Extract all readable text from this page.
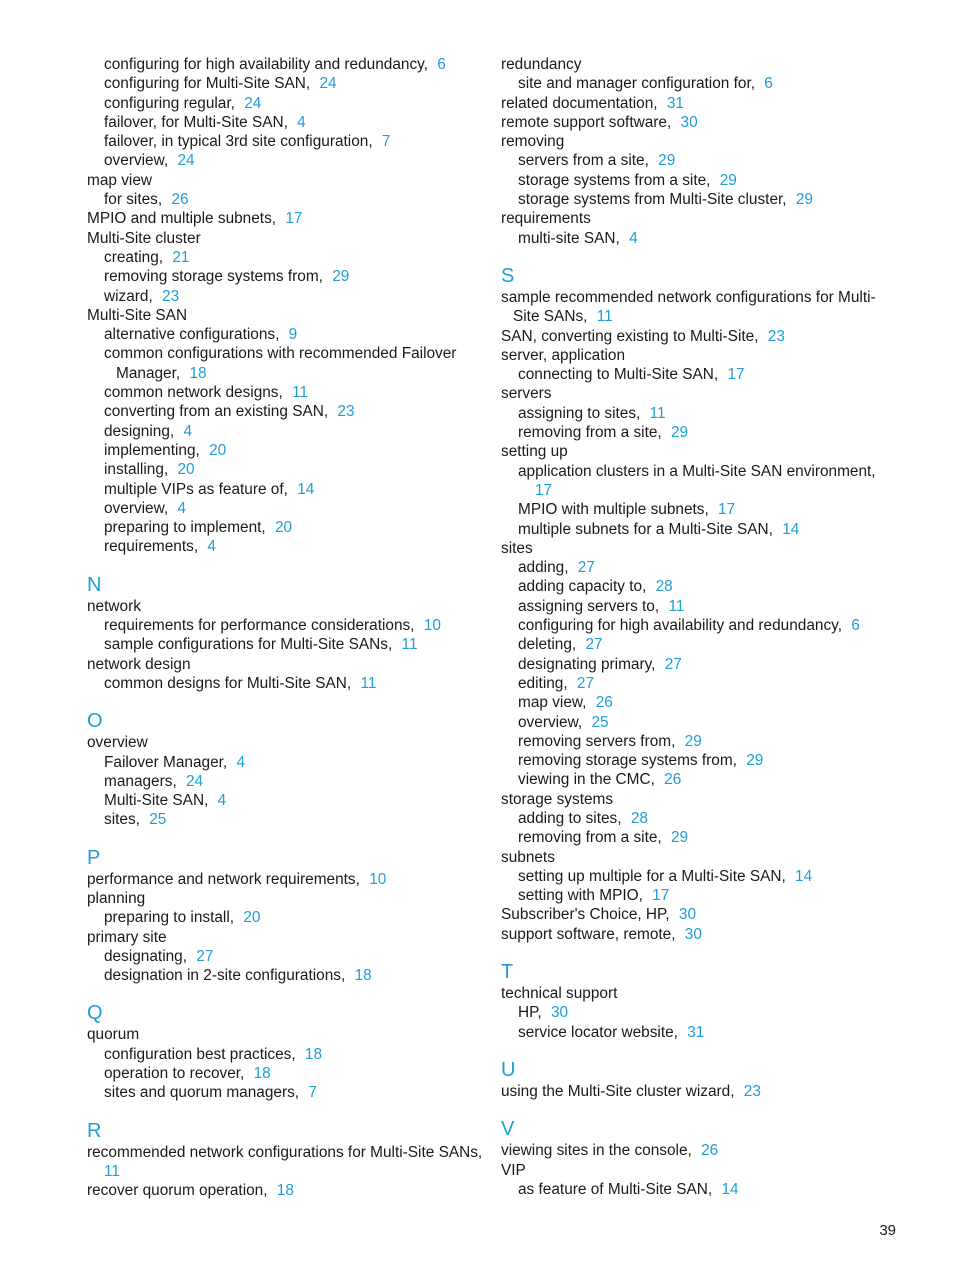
configuring for high availability and redundancy, 6
configuring for Multi-Site SAN, 24
configuring regular, 24
failover, for Multi-Site SAN, 4
failover, in typical 3rd site configuration, 7
overview, 24
map view
for sites, 26
MPIO and multiple subnets, 17
Multi-Site cluster
creating, 21
removing storage systems from, 29
wizard, 23
Multi-Site SAN
alternative configurations, 9
common configurations with recommended Failover Manager, 18
common network designs, 11
converting from an existing SAN, 23
designing, 4
implementing, 20
installing, 20
multiple VIPs as feature of, 14
overview, 4
preparing to implement, 20
requirements, 4
N
network
requirements for performance considerations, 10
sample configurations for Multi-Site SANs, 11
network design
common designs for Multi-Site SAN, 11
O
overview
Failover Manager, 4
managers, 24
Multi-Site SAN, 4
sites, 25
P
performance and network requirements, 10
planning
preparing to install, 20
primary site
designating, 27
designation in 2-site configurations, 18
Q
quorum
configuration best practices, 18
operation to recover, 18
sites and quorum managers, 7
R
recommended network configurations for Multi-Site SANs, 11
recover quorum operation, 18
redundancy
site and manager configuration for, 6
related documentation, 31
remote support software, 30
removing
servers from a site, 29
storage systems from a site, 29
storage systems from Multi-Site cluster, 29
requirements
multi-site SAN, 4
S
sample recommended network configurations for Multi-Site SANs, 11
SAN, converting existing to Multi-Site, 23
server, application
connecting to Multi-Site SAN, 17
servers
assigning to sites, 11
removing from a site, 29
setting up
application clusters in a Multi-Site SAN environment, 17
MPIO with multiple subnets, 17
multiple subnets for a Multi-Site SAN, 14
sites
adding, 27
adding capacity to, 28
assigning servers to, 11
configuring for high availability and redundancy, 6
deleting, 27
designating primary, 27
editing, 27
map view, 26
overview, 25
removing servers from, 29
removing storage systems from, 29
viewing in the CMC, 26
storage systems
adding to sites, 28
removing from a site, 29
subnets
setting up multiple for a Multi-Site SAN, 14
setting with MPIO, 17
Subscriber's Choice, HP, 30
support software, remote, 30
T
technical support
HP, 30
service locator website, 31
U
using the Multi-Site cluster wizard, 23
V
viewing sites in the console, 26
VIP
as feature of Multi-Site SAN, 14
39
